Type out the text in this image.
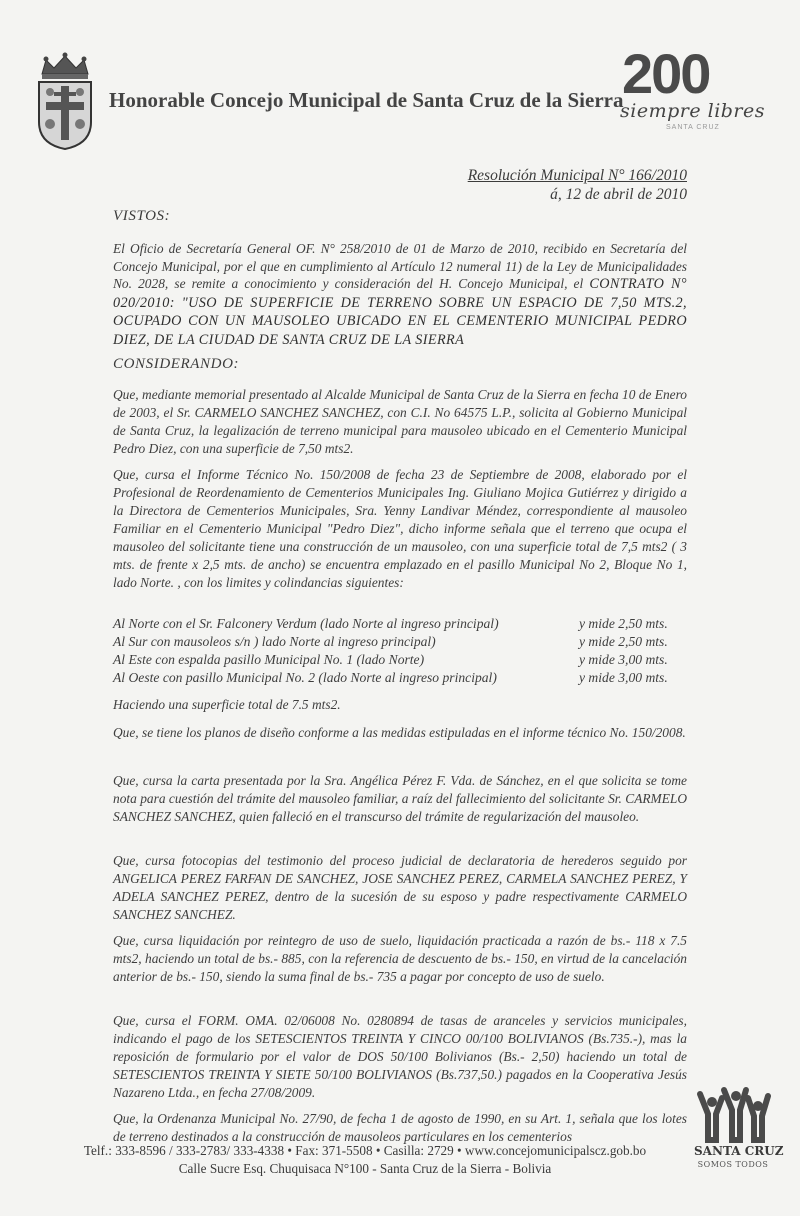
Honorable Concejo Municipal de Santa Cruz de la Sierra
200
siempre libres
SANTA CRUZ
Resolución Municipal N° 166/2010
á, 12 de abril de 2010
VISTOS:
El Oficio de Secretaría General OF. N° 258/2010 de 01 de Marzo de 2010, recibido en Secretaría del Concejo Municipal, por el que en cumplimiento al Artículo 12 numeral 11) de la Ley de Municipalidades No. 2028, se remite a conocimiento y consideración del H. Concejo Municipal, el CONTRATO N° 020/2010: "USO DE SUPERFICIE DE TERRENO SOBRE UN ESPACIO DE 7,50 MTS.2, OCUPADO CON UN MAUSOLEO UBICADO EN EL CEMENTERIO MUNICIPAL PEDRO DIEZ, DE LA CIUDAD DE SANTA CRUZ DE LA SIERRA
CONSIDERANDO:
Que, mediante memorial presentado al Alcalde Municipal de Santa Cruz de la Sierra en fecha 10 de Enero de 2003, el Sr. CARMELO SANCHEZ SANCHEZ, con C.I. No 64575 L.P., solicita al Gobierno Municipal de Santa Cruz, la legalización de terreno municipal para mausoleo ubicado en el Cementerio Municipal Pedro Diez, con una superficie de 7,50 mts2.
Que, cursa el Informe Técnico No. 150/2008 de fecha 23 de Septiembre de 2008, elaborado por el Profesional de Reordenamiento de Cementerios Municipales Ing. Giuliano Mojica Gutiérrez y dirigido a la Directora de Cementerios Municipales, Sra. Yenny Landivar Méndez, correspondiente al mausoleo Familiar en el Cementerio Municipal "Pedro Diez", dicho informe señala que el terreno que ocupa el mausoleo del solicitante tiene una construcción de un mausoleo, con una superficie total de 7,5 mts2 ( 3 mts. de frente x 2,5 mts. de ancho) se encuentra emplazado en el pasillo Municipal No 2, Bloque No 1, lado Norte. , con los limites y colindancias siguientes:
Al Norte con el Sr. Falconery Verdum (lado Norte al ingreso principal)	y mide 2,50 mts.
Al Sur con mausoleos s/n ) lado Norte al ingreso principal)	y mide 2,50 mts.
Al Este con espalda pasillo Municipal No. 1 (lado Norte)	y mide 3,00 mts.
Al Oeste con pasillo Municipal No. 2 (lado Norte al ingreso principal)	y mide 3,00 mts.
Haciendo una superficie total de 7.5 mts2.
Que, se tiene los planos de diseño conforme a las medidas estipuladas en el informe técnico No. 150/2008.
Que, cursa la carta presentada por la Sra. Angélica Pérez F. Vda. de Sánchez, en el que solicita se tome nota para cuestión del trámite del mausoleo familiar, a raíz del fallecimiento del solicitante Sr. CARMELO SANCHEZ SANCHEZ, quien falleció en el transcurso del trámite de regularización del mausoleo.
Que, cursa fotocopias del testimonio del proceso judicial de declaratoria de herederos seguido por ANGELICA PEREZ FARFAN DE SANCHEZ, JOSE SANCHEZ PEREZ, CARMELA SANCHEZ PEREZ, Y ADELA SANCHEZ PEREZ, dentro de la sucesión de su esposo y padre respectivamente CARMELO SANCHEZ SANCHEZ.
Que, cursa liquidación por reintegro de uso de suelo, liquidación practicada a razón de bs.- 118 x 7.5 mts2, haciendo un total de bs.- 885, con la referencia de descuento de bs.- 150, en virtud de la cancelación anterior de bs.- 150, siendo la suma final de bs.- 735 a pagar por concepto de uso de suelo.
Que, cursa el FORM. OMA. 02/06008 No. 0280894 de tasas de aranceles y servicios municipales, indicando el pago de los SETESCIENTOS TREINTA Y CINCO 00/100 BOLIVIANOS (Bs.735.-), mas la reposición de formulario por el valor de DOS 50/100 Bolivianos (Bs.- 2,50) haciendo un total de SETESCIENTOS TREINTA Y SIETE 50/100 BOLIVIANOS (Bs.737,50.) pagados en la Cooperativa Jesús Nazareno Ltda., en fecha 27/08/2009.
Que, la Ordenanza Municipal No. 27/90, de fecha 1 de agosto de 1990, en su Art. 1, señala que los lotes de terreno destinados a la construcción de mausoleos particulares en los cementerios
Telf.: 333-8596 / 333-2783/ 333-4338 • Fax: 371-5508 • Casilla: 2729 • www.concejomunicipalscz.gob.bo
Calle Sucre Esq. Chuquisaca N°100 - Santa Cruz de la Sierra - Bolivia
SANTA CRUZ
SOMOS TODOS
